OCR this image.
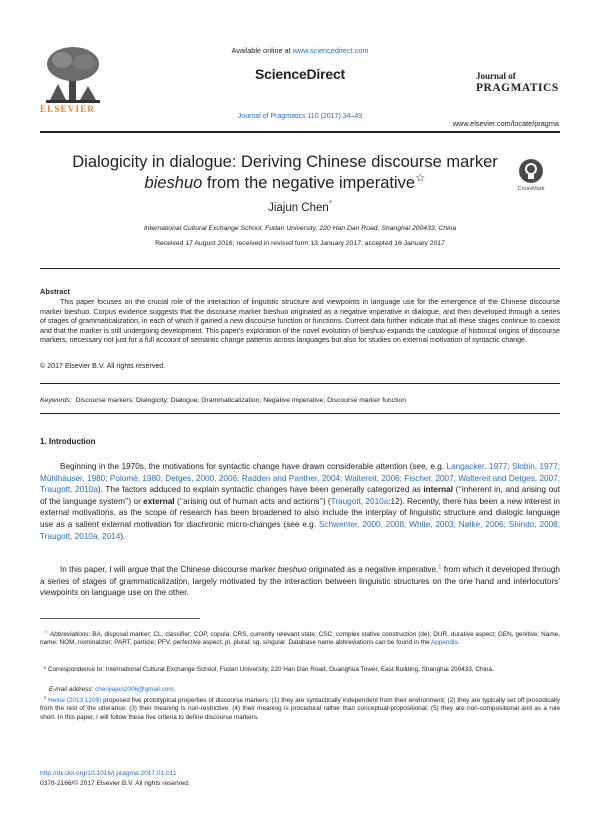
ELSEVIER
Available online at www.sciencedirect.com
ScienceDirect
Journal of Pragmatics 110 (2017) 34–49
Journal of
PRAGMATICS
www.elsevier.com/locate/pragma
Dialogicity in dialogue: Deriving Chinese discourse marker
bieshuo from the negative imperative☆
CrossMark
Jiajun Chen*
International Cultural Exchange School, Fudan University, 220 Han Dan Road, Shanghai 200433, China
Received 17 August 2016; received in revised form 13 January 2017; accepted 16 January 2017
Abstract
This paper focuses on the crucial role of the interaction of linguistic structure and viewpoints in language use for the emergence of the Chinese discourse marker bieshuo. Corpus evidence suggests that the discourse marker bieshuo originated as a negative imperative in dialogue, and then developed through a series of stages of grammaticalization, in each of which it gained a new discourse function or functions. Current data further indicate that all these stages continue to coexist and that the marker is still undergoing development. This paper's exploration of the novel evolution of bieshuo expands the catalogue of historical origins of discourse markers, necessary not just for a full account of semantic change patterns across languages but also for studies on external motivation of syntactic change.
© 2017 Elsevier B.V. All rights reserved.
Keywords: Discourse markers; Dialogicity; Dialogue; Grammaticalization; Negative imperative; Discourse marker function
1. Introduction
Beginning in the 1970s, the motivations for syntactic change have drawn considerable attention (see, e.g. Langacker, 1977; Slobin, 1977; Mühlhäuser, 1980; Polomé, 1980; Detges, 2000, 2006; Radden and Panther, 2004; Waltereit, 2006; Fischer, 2007; Waltereit and Detges, 2007; Traugott, 2010a). The factors adduced to explain syntactic changes have been generally categorized as internal (‘‘inherent in, and arising out of the language system’’) or external (‘‘arising out of human acts and actions’’) (Traugott, 2010a:12). Recently, there has been a new interest in external motivations, as the scope of research has been broadened to also include the interplay of linguistic structure and dialogic language use as a salient external motivation for diachronic micro-changes (see e.g. Schwenter, 2000, 2008; White, 2003; Nølke, 2006; Shindo, 2008; Traugott, 2010a, 2014).
In this paper, I will argue that the Chinese discourse marker bieshuo originated as a negative imperative,$^1$ from which it developed through a series of stages of grammaticalization, largely motivated by the interaction between linguistic structures on the one hand and interlocutors’ viewpoints on language use on the other.
☆ Abbreviations: BA, disposal marker; CL, classifier; COP, copula; CRS, currently relevant state; CSC, complex stative construction (de); DUR, durative aspect; GEN, genitive; Name, name; NOM, nominalizer; PART, particle; PFV, perfective aspect; pl. plural; sg. singular. Database name abbreviations can be found in the Appendix.
* Correspondence to: International Cultural Exchange School, Fudan University, 220 Han Dan Road, Guanghua Tower, East Building, Shanghai 200433, China.
E-mail address: chenjiajun2006@gmail.com.
$^1$ Heine (2013:1209) proposed five prototypical properties of discourse markers: (1) they are syntactically independent from their environment; (2) they are typically set off prosodically from the rest of the utterance; (3) their meaning is non-restrictive; (4) their meaning is procedural rather than conceptual-propositional; (5) they are non-compositional and as a rule short. In this paper, I will follow these five criteria to define discourse markers.
http://dx.doi.org/10.1016/j.pragma.2017.01.011
0378-2166/© 2017 Elsevier B.V. All rights reserved.
